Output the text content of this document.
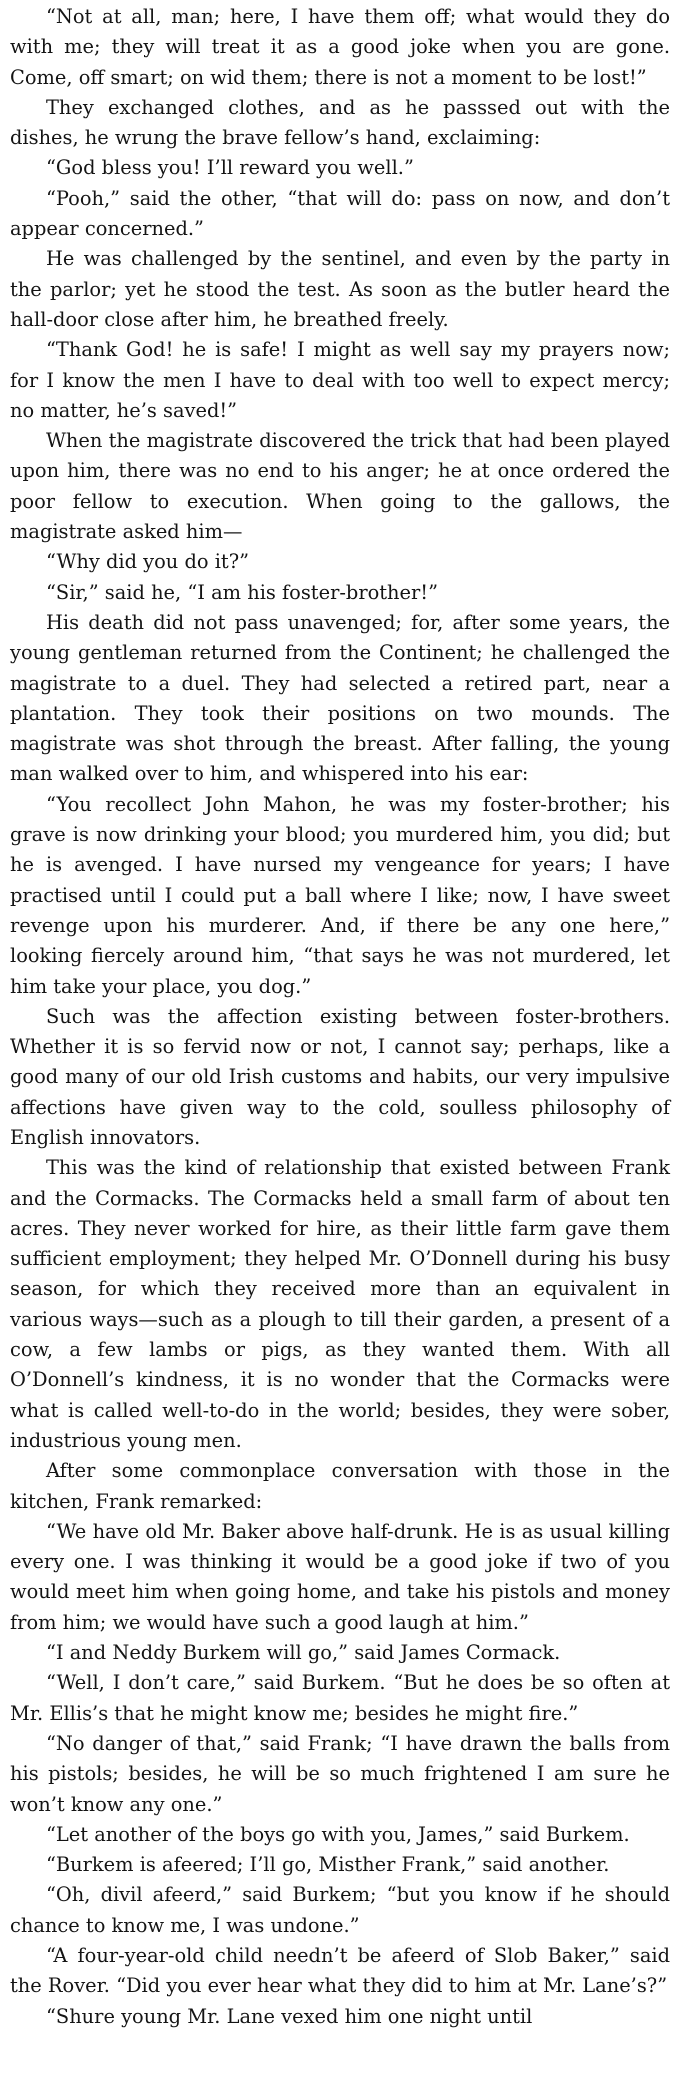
“Not at all, man; here, I have them off; what would they do with me; they will treat it as a good joke when you are gone. Come, off smart; on wid them; there is not a moment to be lost!”

They exchanged clothes, and as he passsed out with the dishes, he wrung the brave fellow’s hand, exclaiming:

“God bless you! I’ll reward you well.”

“Pooh,” said the other, “that will do: pass on now, and don’t appear concerned.”

He was challenged by the sentinel, and even by the party in the parlor; yet he stood the test. As soon as the butler heard the hall-door close after him, he breathed freely.

“Thank God! he is safe! I might as well say my prayers now; for I know the men I have to deal with too well to expect mercy; no matter, he’s saved!”

When the magistrate discovered the trick that had been played upon him, there was no end to his anger; he at once ordered the poor fellow to execution. When going to the gallows, the magistrate asked him—

“Why did you do it?”

“Sir,” said he, “I am his foster-brother!”

His death did not pass unavenged; for, after some years, the young gentleman returned from the Continent; he challenged the magistrate to a duel. They had selected a retired part, near a plantation. They took their positions on two mounds. The magistrate was shot through the breast. After falling, the young man walked over to him, and whispered into his ear:

“You recollect John Mahon, he was my foster-brother; his grave is now drinking your blood; you murdered him, you did; but he is avenged. I have nursed my vengeance for years; I have practised until I could put a ball where I like; now, I have sweet revenge upon his murderer. And, if there be any one here,” looking fiercely around him, “that says he was not murdered, let him take your place, you dog.”

Such was the affection existing between foster-brothers. Whether it is so fervid now or not, I cannot say; perhaps, like a good many of our old Irish customs and habits, our very impulsive affections have given way to the cold, soulless philosophy of English innovators.

This was the kind of relationship that existed between Frank and the Cormacks. The Cormacks held a small farm of about ten acres. They never worked for hire, as their little farm gave them sufficient employment; they helped Mr. O’Donnell during his busy season, for which they received more than an equivalent in various ways—such as a plough to till their garden, a present of a cow, a few lambs or pigs, as they wanted them. With all O’Donnell’s kindness, it is no wonder that the Cormacks were what is called well-to-do in the world; besides, they were sober, industrious young men.

After some commonplace conversation with those in the kitchen, Frank remarked:

“We have old Mr. Baker above half-drunk. He is as usual killing every one. I was thinking it would be a good joke if two of you would meet him when going home, and take his pistols and money from him; we would have such a good laugh at him.”

“I and Neddy Burkem will go,” said James Cormack.

“Well, I don’t care,” said Burkem. “But he does be so often at Mr. Ellis’s that he might know me; besides he might fire.”

“No danger of that,” said Frank; “I have drawn the balls from his pistols; besides, he will be so much frightened I am sure he won’t know any one.”

“Let another of the boys go with you, James,” said Burkem.

“Burkem is afeered; I’ll go, Misther Frank,” said another.

“Oh, divil afeerd,” said Burkem; “but you know if he should chance to know me, I was undone.”

“A four-year-old child needn’t be afeerd of Slob Baker,” said the Rover. “Did you ever hear what they did to him at Mr. Lane’s?”

“Shure young Mr. Lane vexed him one night until
